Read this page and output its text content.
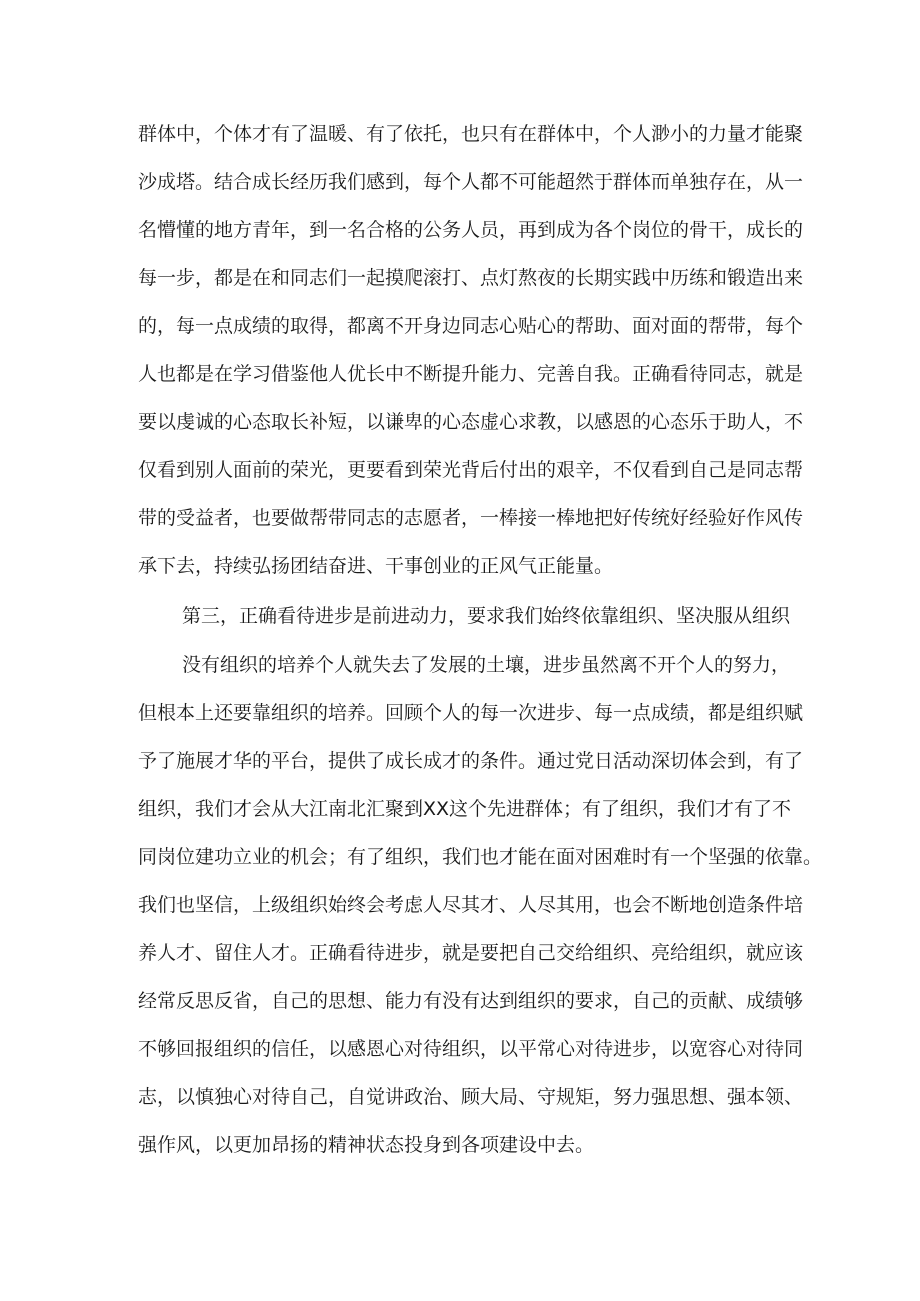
群体中，个体才有了温暖、有了依托，也只有在群体中，个人渺小的力量才能聚
沙成塔。结合成长经历我们感到，每个人都不可能超然于群体而单独存在，从一
名懵懂的地方青年，到一名合格的公务人员，再到成为各个岗位的骨干，成长的
每一步，都是在和同志们一起摸爬滚打、点灯熬夜的长期实践中历练和锻造出来
的，每一点成绩的取得，都离不开身边同志心贴心的帮助、面对面的帮带，每个
人也都是在学习借鉴他人优长中不断提升能力、完善自我。正确看待同志，就是
要以虔诚的心态取长补短，以谦卑的心态虚心求教，以感恩的心态乐于助人，不
仅看到别人面前的荣光，更要看到荣光背后付出的艰辛，不仅看到自己是同志帮
带的受益者，也要做帮带同志的志愿者，一棒接一棒地把好传统好经验好作风传
承下去，持续弘扬团结奋进、干事创业的正风气正能量。
第三，正确看待进步是前进动力，要求我们始终依靠组织、坚决服从组织
没有组织的培养个人就失去了发展的土壤，进步虽然离不开个人的努力，
但根本上还要靠组织的培养。回顾个人的每一次进步、每一点成绩，都是组织赋
予了施展才华的平台，提供了成长成才的条件。通过党日活动深切体会到，有了
组织，我们才会从大江南北汇聚到XX这个先进群体；有了组织，我们才有了不
同岗位建功立业的机会；有了组织，我们也才能在面对困难时有一个坚强的依靠。
我们也坚信，上级组织始终会考虑人尽其才、人尽其用，也会不断地创造条件培
养人才、留住人才。正确看待进步，就是要把自己交给组织、亮给组织，就应该
经常反思反省，自己的思想、能力有没有达到组织的要求，自己的贡献、成绩够
不够回报组织的信任，以感恩心对待组织，以平常心对待进步，以宽容心对待同
志，以慎独心对待自己，自觉讲政治、顾大局、守规矩，努力强思想、强本领、
强作风，以更加昂扬的精神状态投身到各项建设中去。
